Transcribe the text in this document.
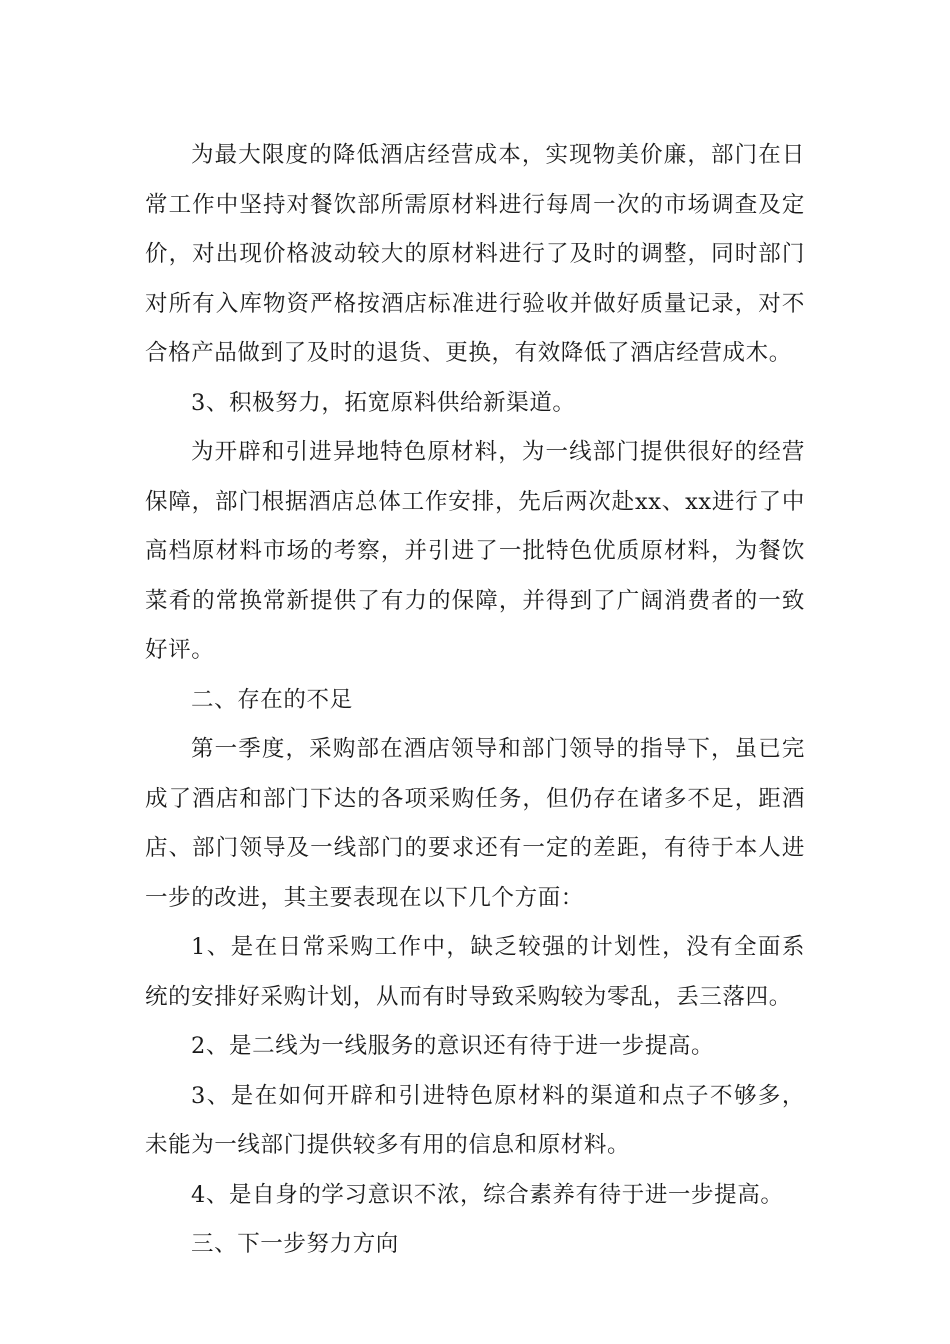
为最大限度的降低酒店经营成本，实现物美价廉，部门在日常工作中坚持对餐饮部所需原材料进行每周一次的市场调查及定价，对出现价格波动较大的原材料进行了及时的调整，同时部门对所有入库物资严格按酒店标准进行验收并做好质量记录，对不合格产品做到了及时的退货、更换，有效降低了酒店经营成木。

3、积极努力，拓宽原料供给新渠道。

为开辟和引进异地特色原材料，为一线部门提供很好的经营保障，部门根据酒店总体工作安排，先后两次赴xx、xx进行了中高档原材料市场的考察，并引进了一批特色优质原材料，为餐饮菜肴的常换常新提供了有力的保障，并得到了广阔消费者的一致好评。

二、存在的不足

第一季度，采购部在酒店领导和部门领导的指导下，虽已完成了酒店和部门下达的各项采购任务，但仍存在诸多不足，距酒店、部门领导及一线部门的要求还有一定的差距，有待于本人进一步的改进，其主要表现在以下几个方面：

1、是在日常采购工作中，缺乏较强的计划性，没有全面系统的安排好采购计划，从而有时导致采购较为零乱，丢三落四。

2、是二线为一线服务的意识还有待于进一步提高。

3、是在如何开辟和引进特色原材料的渠道和点子不够多，未能为一线部门提供较多有用的信息和原材料。

4、是自身的学习意识不浓，综合素养有待于进一步提高。

三、下一步努力方向
